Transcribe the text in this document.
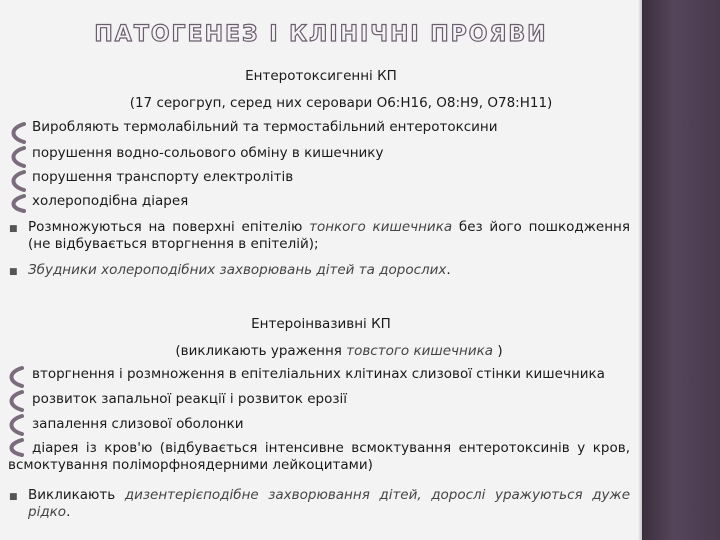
ПАТОГЕНЕЗ І КЛІНІЧНІ ПРОЯВИ
Ентеротоксигенні КП
(17 серогруп, серед них серовари О6:Н16, О8:Н9, О78:Н11)
Виробляють термолабільний та термостабільний ентеротоксини
порушення водно-сольового обміну в кишечнику
порушення транспорту електролітів
холероподібна діарея
■ Розмножуються на поверхні епітелію тонкого кишечника без його пошкодження (не відбувається вторгнення в епітелій);
■ Збудники холероподібних захворювань дітей та дорослих.
Ентероінвазивні КП
(викликають ураження товстого кишечника )
вторгнення і розмноження в епітеліальних клітинах слизової стінки кишечника
розвиток запальної реакції і розвиток ерозії
запалення слизової оболонки
діарея із кров'ю (відбувається інтенсивне всмоктування ентеротоксинів у кров, всмоктування поліморфноядерними лейкоцитами)
■ Викликають дизентерієподібне захворювання дітей, дорослі уражуються дуже рідко.
